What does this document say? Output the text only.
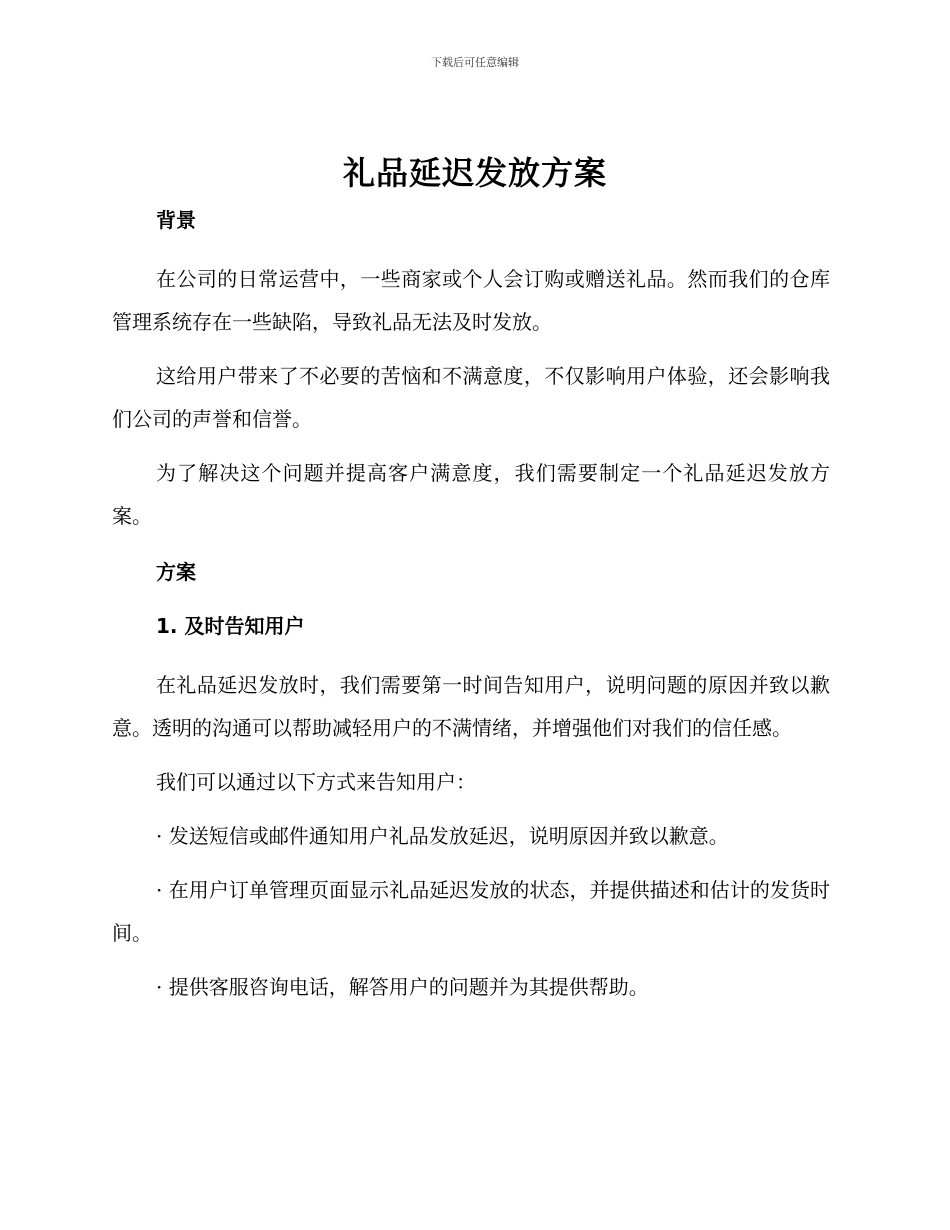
下载后可任意编辑
礼品延迟发放方案
背景

在公司的日常运营中，一些商家或个人会订购或赠送礼品。然而我们的仓库管理系统存在一些缺陷，导致礼品无法及时发放。

这给用户带来了不必要的苦恼和不满意度，不仅影响用户体验，还会影响我们公司的声誉和信誉。

为了解决这个问题并提高客户满意度，我们需要制定一个礼品延迟发放方案。

方案
1. 及时告知用户

在礼品延迟发放时，我们需要第一时间告知用户，说明问题的原因并致以歉意。透明的沟通可以帮助减轻用户的不满情绪，并增强他们对我们的信任感。

我们可以通过以下方式来告知用户：

· 发送短信或邮件通知用户礼品发放延迟，说明原因并致以歉意。

· 在用户订单管理页面显示礼品延迟发放的状态，并提供描述和估计的发货时间。

· 提供客服咨询电话，解答用户的问题并为其提供帮助。
